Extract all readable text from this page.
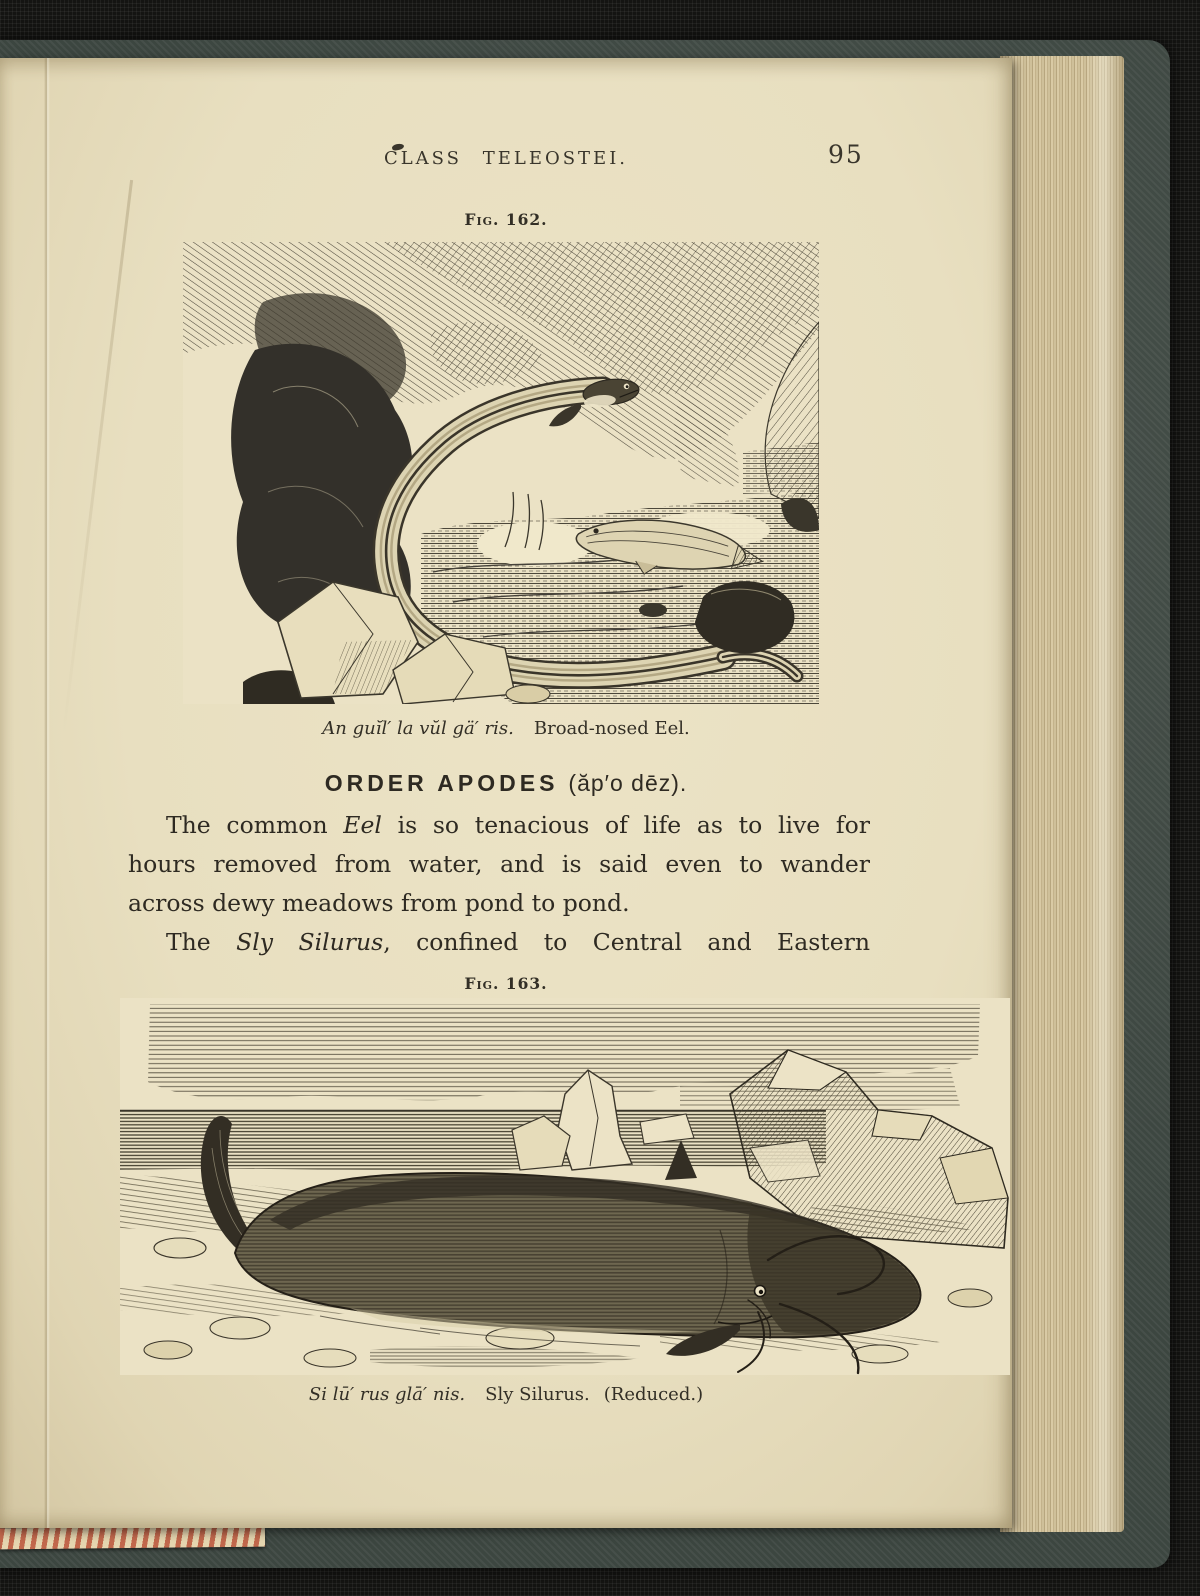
CLASS TELEOSTEI.	95
Fig. 162.
An guĭl′ la vŭl gä′ ris. Broad-nosed Eel.
ORDER APODES (ăp′o dēz).
The common Eel is so tenacious of life as to live for
hours removed from water, and is said even to wander
across dewy meadows from pond to pond.
The Sly Silurus, confined to Central and Eastern
Fig. 163.
Si lū′ rus glā′ nis. Sly Silurus. (Reduced.)
